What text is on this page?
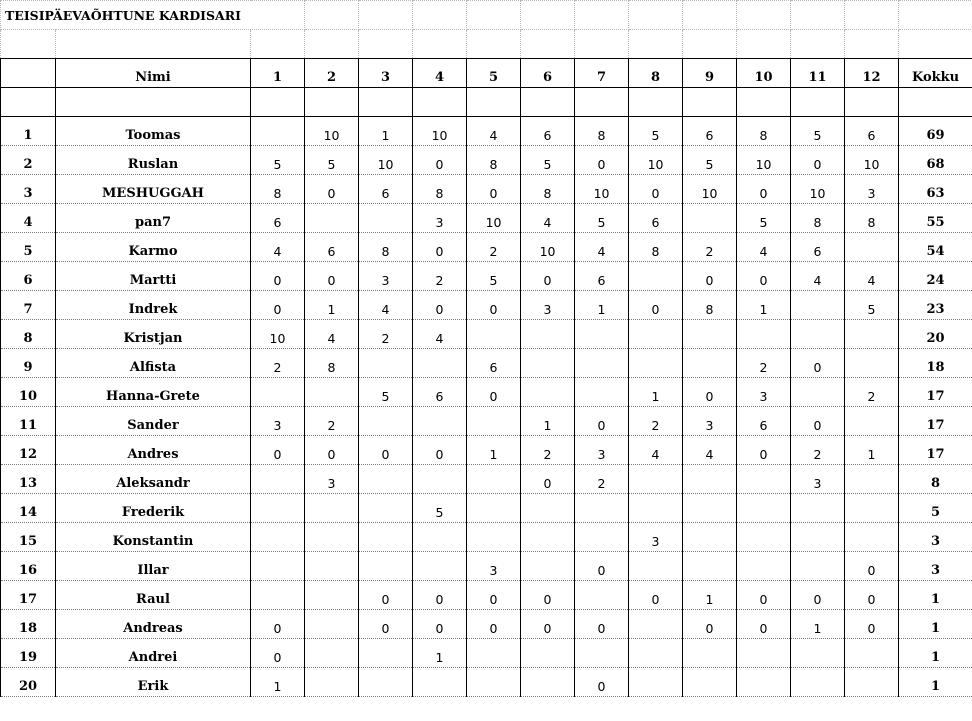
TEISIPÄEVAÕHTUNE KARDISARI														

	Nimi	1	2	3	4	5	6	7	8	9	10	11	12	Kokku

1	Toomas		10	1	10	4	6	8	5	6	8	5	6	69
2	Ruslan	5	5	10	0	8	5	0	10	5	10	0	10	68
3	MESHUGGAH	8	0	6	8	0	8	10	0	10	0	10	3	63
4	pan7	6			3	10	4	5	6		5	8	8	55
5	Karmo	4	6	8	0	2	10	4	8	2	4	6		54
6	Martti	0	0	3	2	5	0	6		0	0	4	4	24
7	Indrek	0	1	4	0	0	3	1	0	8	1		5	23
8	Kristjan	10	4	2	4									20
9	Alfista	2	8			6					2	0		18
10	Hanna-Grete			5	6	0			1	0	3		2	17
11	Sander	3	2				1	0	2	3	6	0		17
12	Andres	0	0	0	0	1	2	3	4	4	0	2	1	17
13	Aleksandr		3				0	2				3		8
14	Frederik				5									5
15	Konstantin								3					3
16	Illar					3		0					0	3
17	Raul			0	0	0	0		0	1	0	0	0	1
18	Andreas	0		0	0	0	0	0		0	0	1	0	1
19	Andrei	0			1									1
20	Erik	1						0						1
